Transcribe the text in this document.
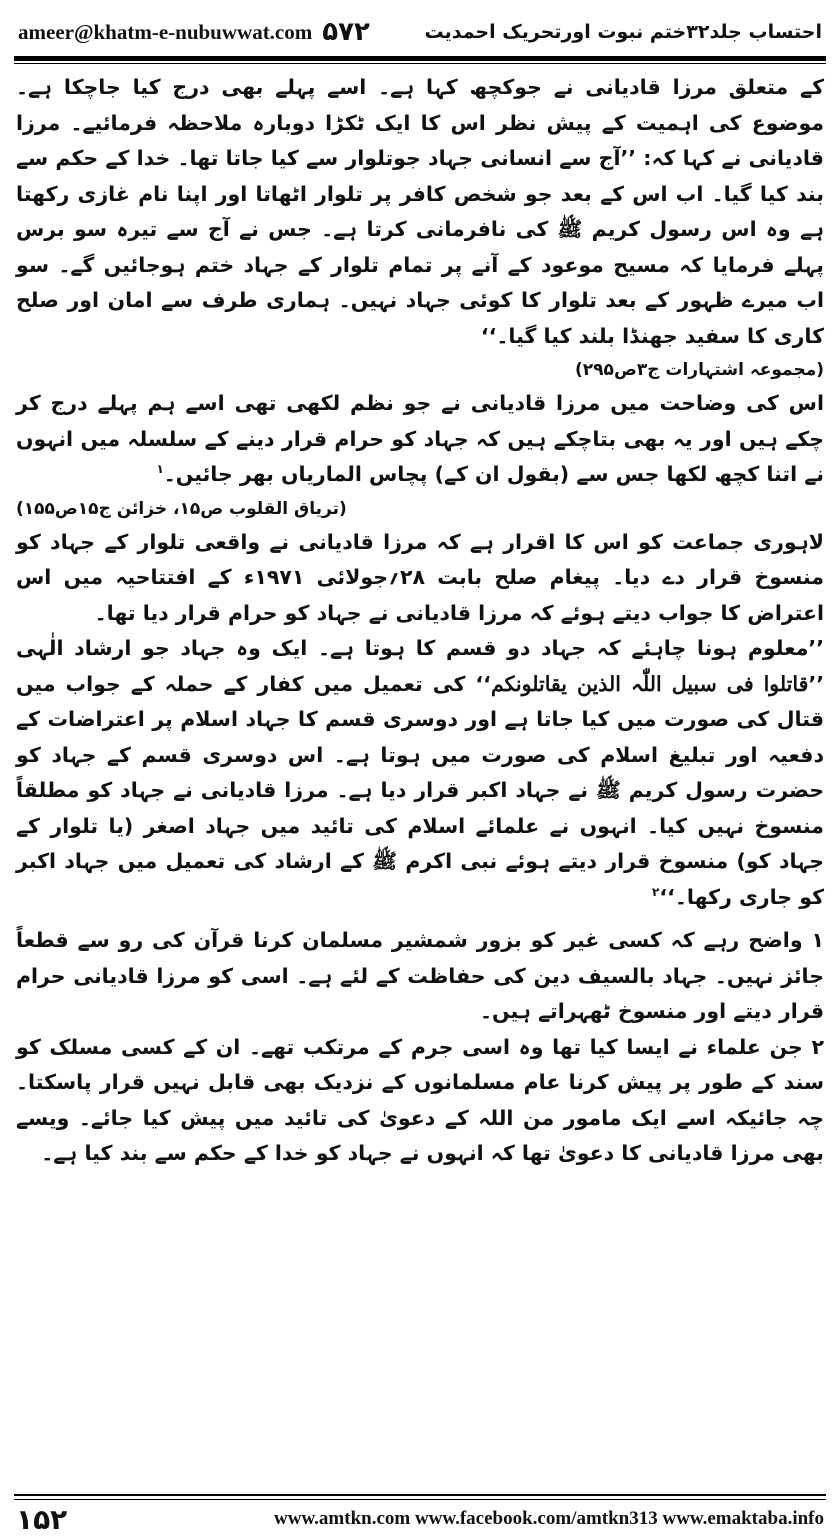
ameer@khatm-e-nubuwwat.com ۵۷۲	احتساب جلد۳۲ختم نبوت اورتحریک احمدیت

کے متعلق مرزا قادیانی نے جوکچھ کہا ہے۔ اسے پہلے بھی درج کیا جاچکا ہے۔ موضوع کی اہمیت کے پیش نظر اس کا ایک ٹکڑا دوبارہ ملاحظہ فرمائیے۔ مرزا قادیانی نے کہا کہ: ’’آج سے انسانی جہاد جوتلوار سے کیا جاتا تھا۔ خدا کے حکم سے بند کیا گیا۔ اب اس کے بعد جو شخص کافر پر تلوار اٹھاتا اور اپنا نام غازی رکھتا ہے وہ اس رسول کریم ﷺ کی نافرمانی کرتا ہے۔ جس نے آج سے تیرہ سو برس پہلے فرمایا کہ مسیح موعود کے آنے پر تمام تلوار کے جہاد ختم ہوجائیں گے۔ سو اب میرے ظہور کے بعد تلوار کا کوئی جہاد نہیں۔ ہماری طرف سے امان اور صلح کاری کا سفید جھنڈا بلند کیا گیا۔‘‘

(مجموعہ اشتہارات ج۳ص۲۹۵)

اس کی وضاحت میں مرزا قادیانی نے جو نظم لکھی تھی اسے ہم پہلے درج کر چکے ہیں اور یہ بھی بتاچکے ہیں کہ جہاد کو حرام قرار دینے کے سلسلہ میں انہوں نے اتنا کچھ لکھا جس سے (بقول ان کے) پچاس الماریاں بھر جائیں۔$^۱$

(تریاق القلوب ص۱۵، خزائن ج۱۵ص۱۵۵)

لاہوری جماعت کو اس کا اقرار ہے کہ مرزا قادیانی نے واقعی تلوار کے جہاد کو منسوخ قرار دے دیا۔ پیغام صلح بابت ۲۸؍جولائی ۱۹۷۱ء کے افتتاحیہ میں اس اعتراض کا جواب دیتے ہوئے کہ مرزا قادیانی نے جہاد کو حرام قرار دیا تھا۔

’’معلوم ہونا چاہئے کہ جہاد دو قسم کا ہوتا ہے۔ ایک وہ جہاد جو ارشاد الٰہی ’’قاتلوا فی سبیل اللّٰہ الذین یقاتلونکم‘‘ کی تعمیل میں کفار کے حملہ کے جواب میں قتال کی صورت میں کیا جاتا ہے اور دوسری قسم کا جہاد اسلام پر اعتراضات کے دفعیہ اور تبلیغ اسلام کی صورت میں ہوتا ہے۔ اس دوسری قسم کے جہاد کو حضرت رسول کریم ﷺ نے جہاد اکبر قرار دیا ہے۔ مرزا قادیانی نے جہاد کو مطلقاً منسوخ نہیں کیا۔ انہوں نے علمائے اسلام کی تائید میں جہاد اصغر (یا تلوار کے جہاد کو) منسوخ قرار دیتے ہوئے نبی اکرم ﷺ کے ارشاد کی تعمیل میں جہاد اکبر کو جاری رکھا۔‘‘$^۲$

۱ واضح رہے کہ کسی غیر کو بزور شمشیر مسلمان کرنا قرآن کی رو سے قطعاً جائز نہیں۔ جہاد بالسیف دین کی حفاظت کے لئے ہے۔ اسی کو مرزا قادیانی حرام قرار دیتے اور منسوخ ٹھہراتے ہیں۔

۲ جن علماء نے ایسا کیا تھا وہ اسی جرم کے مرتکب تھے۔ ان کے کسی مسلک کو سند کے طور پر پیش کرنا عام مسلمانوں کے نزدیک بھی قابل نہیں قرار پاسکتا۔ چہ جائیکہ اسے ایک مامور من اللہ کے دعویٰ کی تائید میں پیش کیا جائے۔ ویسے بھی مرزا قادیانی کا دعویٰ تھا کہ انہوں نے جہاد کو خدا کے حکم سے بند کیا ہے۔

۱۵۲	www.amtkn.com www.facebook.com/amtkn313 www.emaktaba.info
